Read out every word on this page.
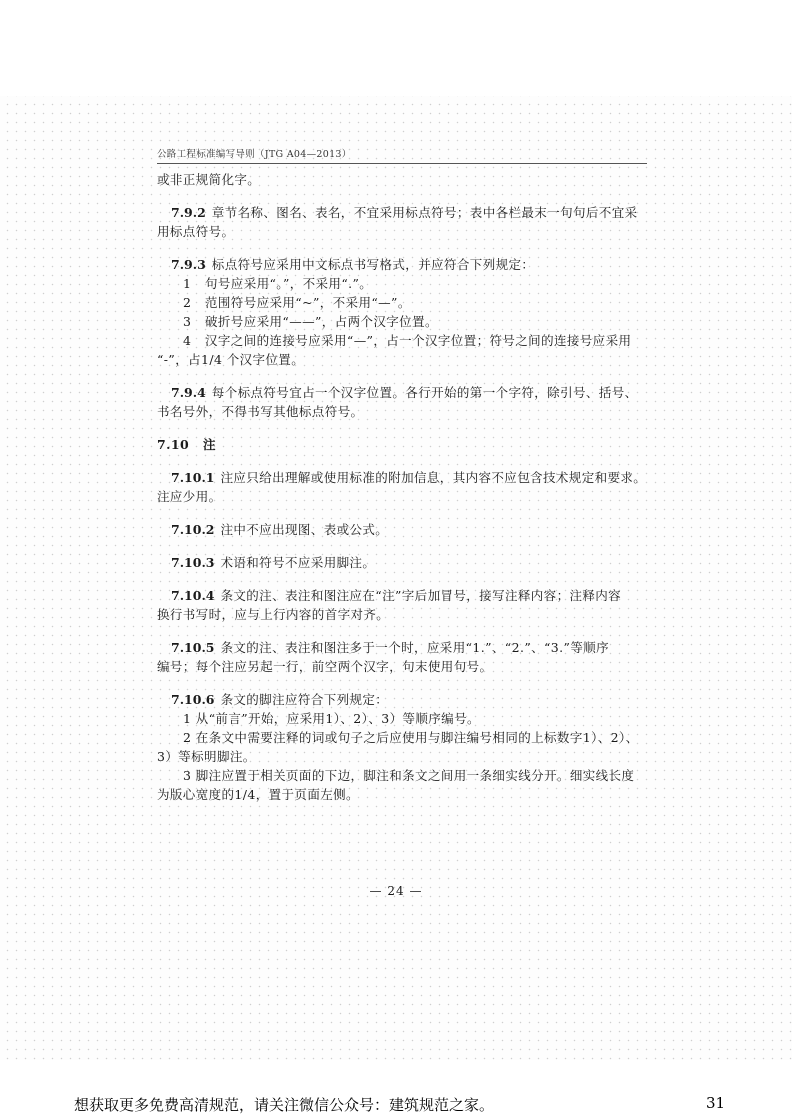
公路工程标准编写导则（JTG A04—2013）

或非正规简化字。

7.9.2 章节名称、图名、表名，不宜采用标点符号；表中各栏最末一句句后不宜采

用标点符号。

7.9.3 标点符号应采用中文标点书写格式，并应符合下列规定：

1 句号应采用“。”，不采用“.”。

2 范围符号应采用“~”，不采用“—”。

3 破折号应采用“——”，占两个汉字位置。

4 汉字之间的连接号应采用“—”，占一个汉字位置；符号之间的连接号应采用

“-”，占1/4 个汉字位置。

7.9.4 每个标点符号宜占一个汉字位置。各行开始的第一个字符，除引号、括号、

书名号外，不得书写其他标点符号。

7.10 注

7.10.1 注应只给出理解或使用标准的附加信息，其内容不应包含技术规定和要求。

注应少用。

7.10.2 注中不应出现图、表或公式。

7.10.3 术语和符号不应采用脚注。

7.10.4 条文的注、表注和图注应在“注”字后加冒号，接写注释内容；注释内容

换行书写时，应与上行内容的首字对齐。

7.10.5 条文的注、表注和图注多于一个时，应采用“1.”、“2.”、“3.”等顺序

编号；每个注应另起一行，前空两个汉字，句末使用句号。

7.10.6 条文的脚注应符合下列规定：

1 从“前言”开始，应采用1）、2）、3）等顺序编号。

2 在条文中需要注释的词或句子之后应使用与脚注编号相同的上标数字1）、2）、

3）等标明脚注。

3 脚注应置于相关页面的下边，脚注和条文之间用一条细实线分开。细实线长度

为版心宽度的1/4，置于页面左侧。

— 24 —
想获取更多免费高清规范，请关注微信公众号：建筑规范之家。	31
